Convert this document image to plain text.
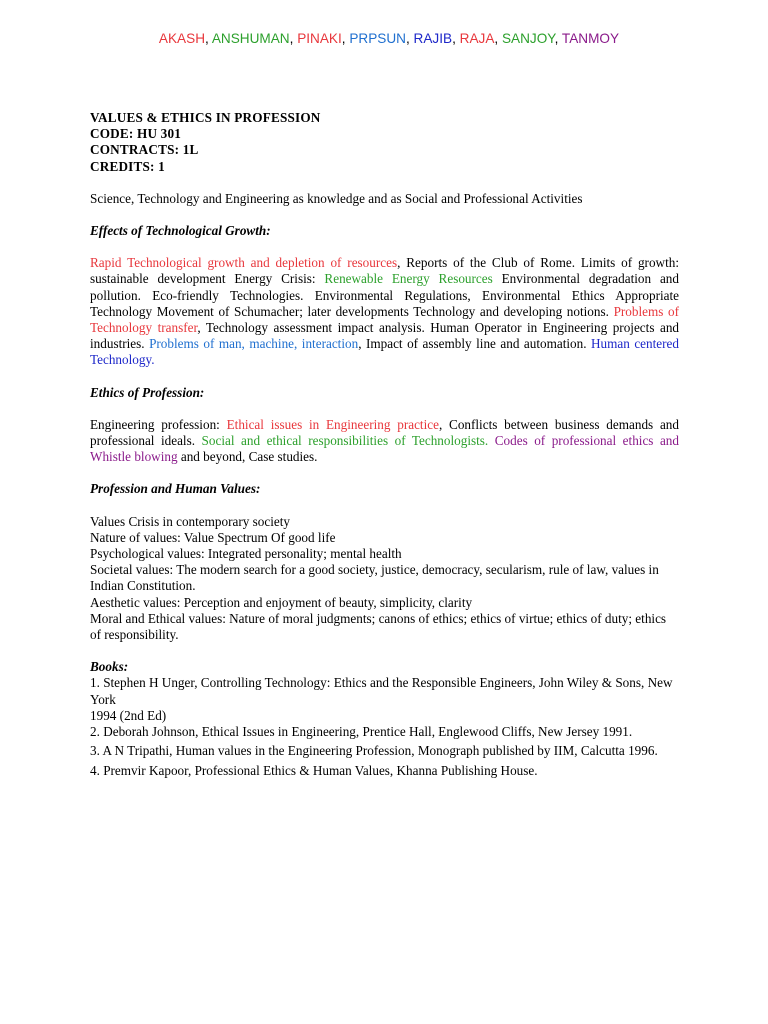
AKASH, ANSHUMAN, PINAKI, PRPSUN, RAJIB, RAJA, SANJOY, TANMOY

VALUES & ETHICS IN PROFESSION

CODE: HU 301

CONTRACTS: 1L

CREDITS: 1

Science, Technology and Engineering as knowledge and as Social and Professional Activities

Effects of Technological Growth:

Rapid Technological growth and depletion of resources, Reports of the Club of Rome. Limits of growth: sustainable development Energy Crisis: Renewable Energy Resources Environmental degradation and pollution. Eco-friendly Technologies. Environmental Regulations, Environmental Ethics Appropriate Technology Movement of Schumacher; later developments Technology and developing notions. Problems of Technology transfer, Technology assessment impact analysis. Human Operator in Engineering projects and industries. Problems of man, machine, interaction, Impact of assembly line and automation. Human centered Technology.

Ethics of Profession:

Engineering profession: Ethical issues in Engineering practice, Conflicts between business demands and professional ideals. Social and ethical responsibilities of Technologists. Codes of professional ethics and Whistle blowing and beyond, Case studies.

Profession and Human Values:

Values Crisis in contemporary society

Nature of values: Value Spectrum Of good life

Psychological values: Integrated personality; mental health

Societal values: The modern search for a good society, justice, democracy, secularism, rule of law, values in Indian Constitution.

Aesthetic values: Perception and enjoyment of beauty, simplicity, clarity

Moral and Ethical values: Nature of moral judgments; canons of ethics; ethics of virtue; ethics of duty; ethics of responsibility.

Books:

1. Stephen H Unger, Controlling Technology: Ethics and the Responsible Engineers, John Wiley & Sons, New York

1994 (2nd Ed)

2. Deborah Johnson, Ethical Issues in Engineering, Prentice Hall, Englewood Cliffs, New Jersey 1991.

3. A N Tripathi, Human values in the Engineering Profession, Monograph published by IIM, Calcutta 1996.

4. Premvir Kapoor, Professional Ethics & Human Values, Khanna Publishing House.
